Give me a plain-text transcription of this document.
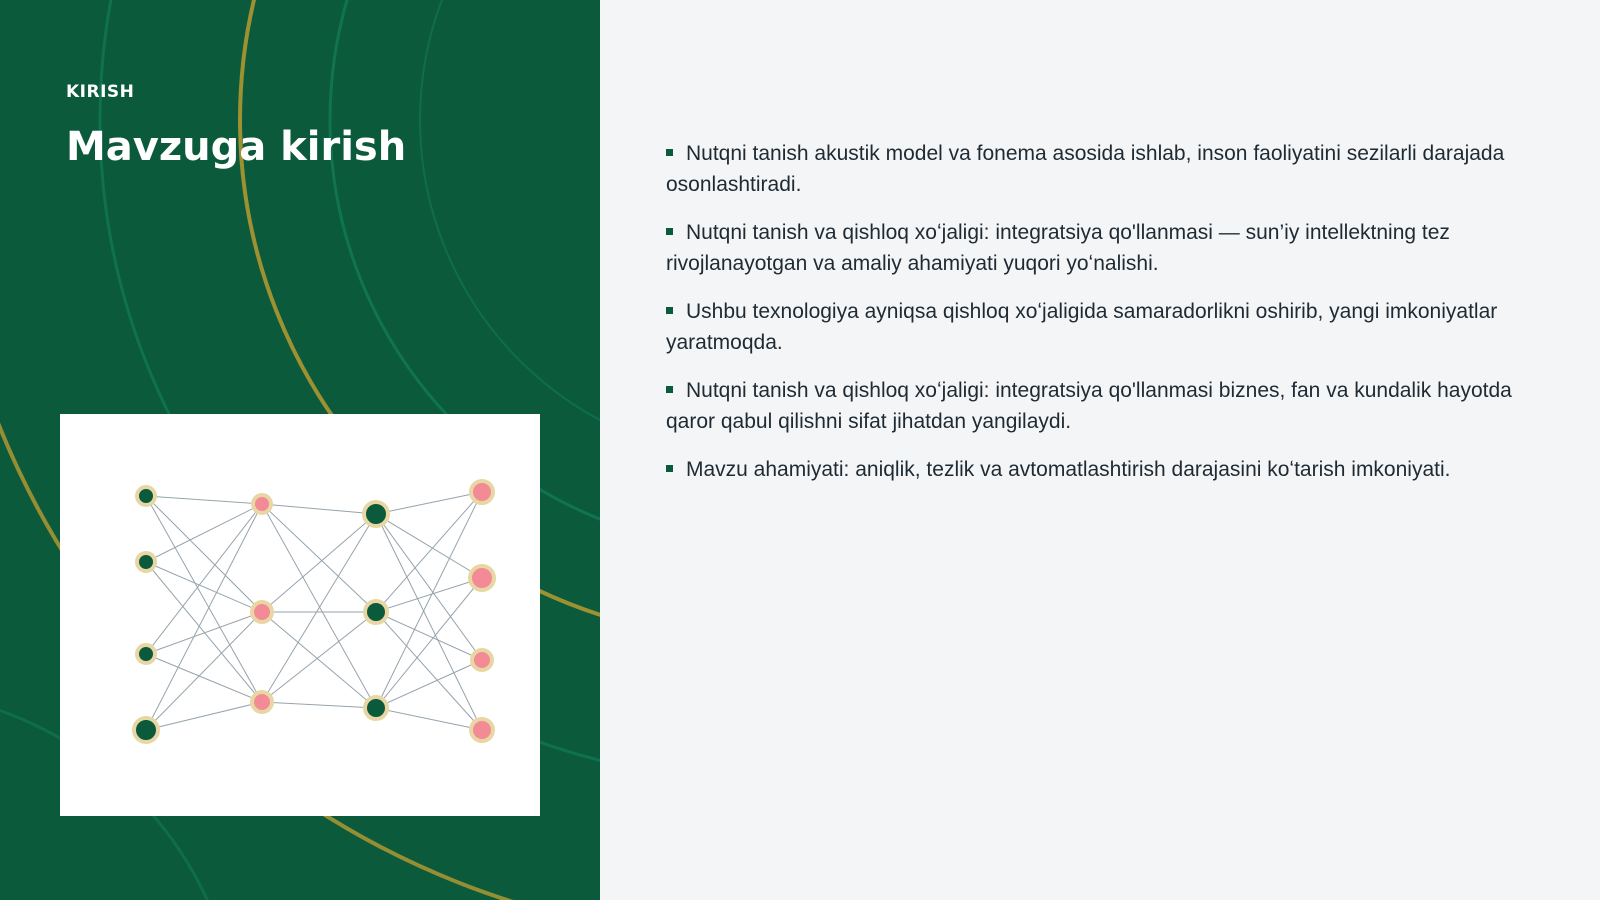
KIRISH
Mavzuga kirish	Nutqni tanish akustik model va fonema asosida ishlab, inson faoliyatini sezilarli darajada osonlashtiradi.
Nutqni tanish va qishloq xoʻjaligi: integratsiya qo'llanmasi — sun’iy intellektning tez rivojlanayotgan va amaliy ahamiyati yuqori yoʻnalishi.
Ushbu texnologiya ayniqsa qishloq xoʻjaligida samaradorlikni oshirib, yangi imkoniyatlar yaratmoqda.
Nutqni tanish va qishloq xoʻjaligi: integratsiya qo'llanmasi biznes, fan va kundalik hayotda qaror qabul qilishni sifat jihatdan yangilaydi.
Mavzu ahamiyati: aniqlik, tezlik va avtomatlashtirish darajasini koʻtarish imkoniyati.
